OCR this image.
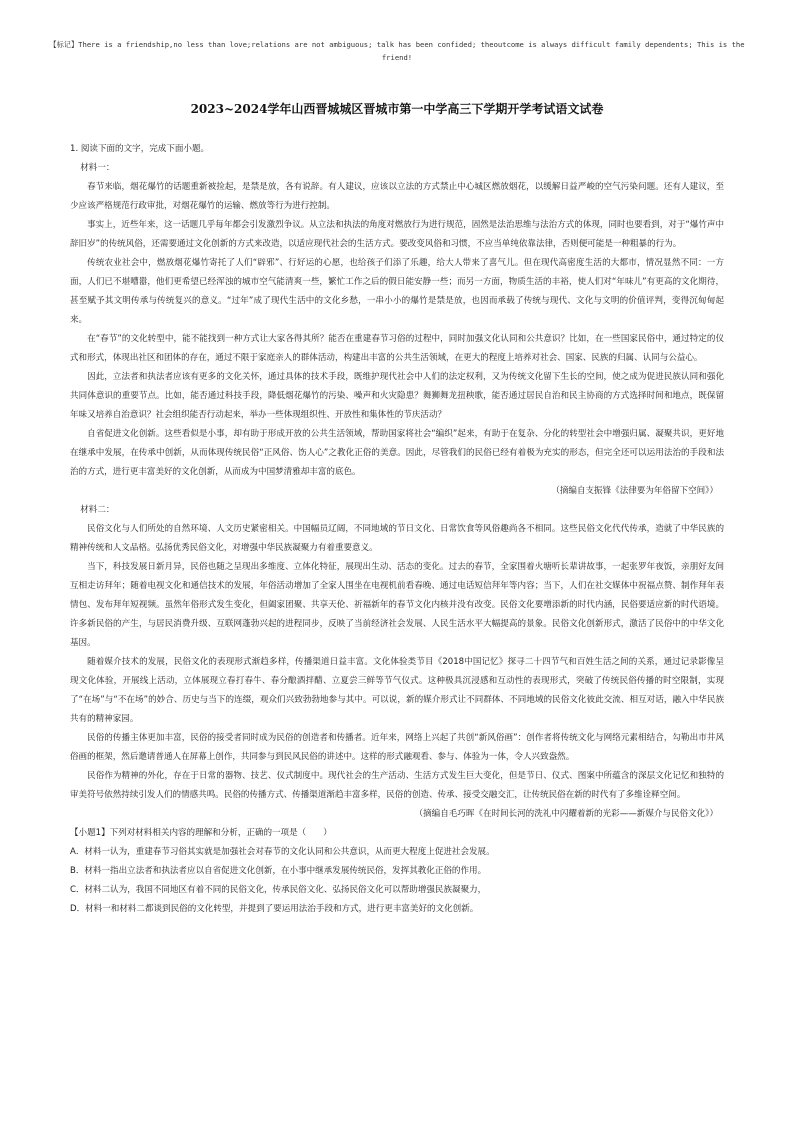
【标记】There is a friendship,no less than love;relations are not ambiguous; talk has been confided; theoutcome is always difficult family dependents; This is the friend!
2023~2024学年山西晋城城区晋城市第一中学高三下学期开学考试语文试卷

1. 阅读下面的文字，完成下面小题。

材料一：

春节来临，烟花爆竹的话题重新被捡起，是禁是放，各有说辞。有人建议，应该以立法的方式禁止中心城区燃放烟花，以缓解日益严峻的空气污染问题。还有人建议，至少应该严格规范行政审批，对烟花爆竹的运输、燃放等行为进行控制。

事实上，近些年来，这一话题几乎每年都会引发激烈争议。从立法和执法的角度对燃放行为进行规范，固然是法治思维与法治方式的体现，同时也要看到，对于“爆竹声中辞旧岁”的传统风俗，还需要通过文化创新的方式来改造，以适应现代社会的生活方式。要改变风俗和习惯，不应当单纯依靠法律，否则便可能是一种粗暴的行为。

传统农业社会中，燃放烟花爆竹寄托了人们“辟邪”、行好运的心愿，也给孩子们添了乐趣，给大人带来了喜气儿。但在现代高密度生活的大都市，情况显然不同：一方面，人们已不堪嘈嚣，他们更希望已经浑浊的城市空气能清爽一些，繁忙工作之后的假日能安静一些；而另一方面，物质生活的丰裕，使人们对“年味儿”有更高的文化期待，甚至赋予其文明传承与传统复兴的意义。“过年”成了现代生活中的文化乡愁，一串小小的爆竹是禁是放，也因而承载了传统与现代、文化与文明的价值评判，变得沉甸甸起来。

在“春节”的文化转型中，能不能找到一种方式让大家各得其所？能否在重建春节习俗的过程中，同时加强文化认同和公共意识？比如，在一些国家民俗中，通过特定的仪式和形式，体现出社区和团体的存在，通过不限于家庭亲人的群体活动，构建出丰富的公共生活领域，在更大的程度上培养对社会、国家、民族的归属、认同与公益心。

因此，立法者和执法者应该有更多的文化关怀，通过具体的技术手段，既维护现代社会中人们的法定权利，又为传统文化留下生长的空间，使之成为促进民族认同和强化共同体意识的重要节点。比如，能否通过科技手段，降低烟花爆竹的污染、噪声和火灾隐患？舞狮舞龙扭秧歌，能否通过居民自治和民主协商的方式选择时间和地点，既保留年味又培养自治意识？社会组织能否行动起来，举办一些体现组织性、开放性和集体性的节庆活动？

自省促进文化创新。这些看似是小事，却有助于形成开放的公共生活领域，帮助国家将社会“编织”起来，有助于在复杂、分化的转型社会中增强归属、凝聚共识，更好地在继承中发展，在传承中创新，从而体现传统民俗“正风俗、饬人心”之教化正俗的美意。因此，尽管我们的民俗已经有着极为充实的形态，但完全还可以运用法治的手段和法治的方式，进行更丰富美好的文化创新，从而成为中国梦清雅却丰富的底色。

（摘编自支振锋《法律要为年俗留下空间》）

材料二：

民俗文化与人们所处的自然环境、人文历史紧密相关。中国幅员辽阔，不同地域的节日文化、日常饮食等风俗趣尚各不相同。这些民俗文化代代传承，造就了中华民族的精神传统和人文品格。弘扬优秀民俗文化，对增强中华民族凝聚力有着重要意义。

当下，科技发展日新月异，民俗也随之呈现出多维度、立体化特征，展现出生动、活态的变化。过去的春节，全家围着火塘听长辈讲故事，一起张罗年夜饭，亲朋好友间互相走访拜年；随着电视文化和通信技术的发展，年俗活动增加了全家人围坐在电视机前看春晚、通过电话短信拜年等内容；当下，人们在社交媒体中祝福点赞、制作拜年表情包、发布拜年短视频。虽然年俗形式发生变化，但阖家团聚、共享天伦、祈福新年的春节文化内核并没有改变。民俗文化要增添新的时代内涵，民俗要适应新的时代语境。许多新民俗的产生，与居民消费升级、互联网蓬勃兴起的进程同步，反映了当前经济社会发展、人民生活水平大幅提高的景象。民俗文化创新形式，激活了民俗中的中华文化基因。

随着媒介技术的发展，民俗文化的表现形式渐趋多样，传播渠道日益丰富。文化体验类节目《2018中国记忆》探寻二十四节气和百姓生活之间的关系，通过记录影像呈现文化体验，开展线上活动，立体展现立春打春牛、春分酿酒拌醋、立夏尝三鲜等节气仪式。这种极具沉浸感和互动性的表现形式，突破了传统民俗传播的时空限制，实现了“在场”与“不在场”的妙合、历史与当下的连缀，观众们兴致勃勃地参与其中。可以说，新的媒介形式让不同群体、不同地域的民俗文化彼此交流、相互对话，融入中华民族共有的精神家园。

民俗的传播主体更加丰富，民俗的接受者同时成为民俗的创造者和传播者。近年来，网络上兴起了共创“新风俗画”：创作者将传统文化与网络元素相结合，勾勒出市井风俗画的框架，然后邀请普通人在屏幕上创作，共同参与到民风民俗的讲述中。这样的形式融观看、参与、体验为一体，令人兴致盎然。

民俗作为精神的外化，存在于日常的器物、技艺、仪式制度中。现代社会的生产活动、生活方式发生巨大变化，但是节日、仪式、图案中所蕴含的深层文化记忆和独特的审美符号依然持续引发人们的情感共鸣。民俗的传播方式、传播渠道渐趋丰富多样，民俗的创造、传承、接受交融交汇，让传统民俗在新的时代有了多维诠释空间。

（摘编自毛巧晖《在时间长河的洗礼中闪耀着新的光彩——新媒介与民俗文化》）

【小题1】下列对材料相关内容的理解和分析，正确的一项是（　　）

A．材料一认为，重建春节习俗其实就是加强社会对春节的文化认同和公共意识，从而更大程度上促进社会发展。

B．材料一指出立法者和执法者应以自省促进文化创新，在小事中继承发展传统民俗，发挥其教化正俗的作用。

C．材料二认为，我国不同地区有着不同的民俗文化，传承民俗文化、弘扬民俗文化可以帮助增强民族凝聚力，

D．材料一和材料二都谈到民俗的文化转型，并提到了要运用法治手段和方式，进行更丰富美好的文化创新。
